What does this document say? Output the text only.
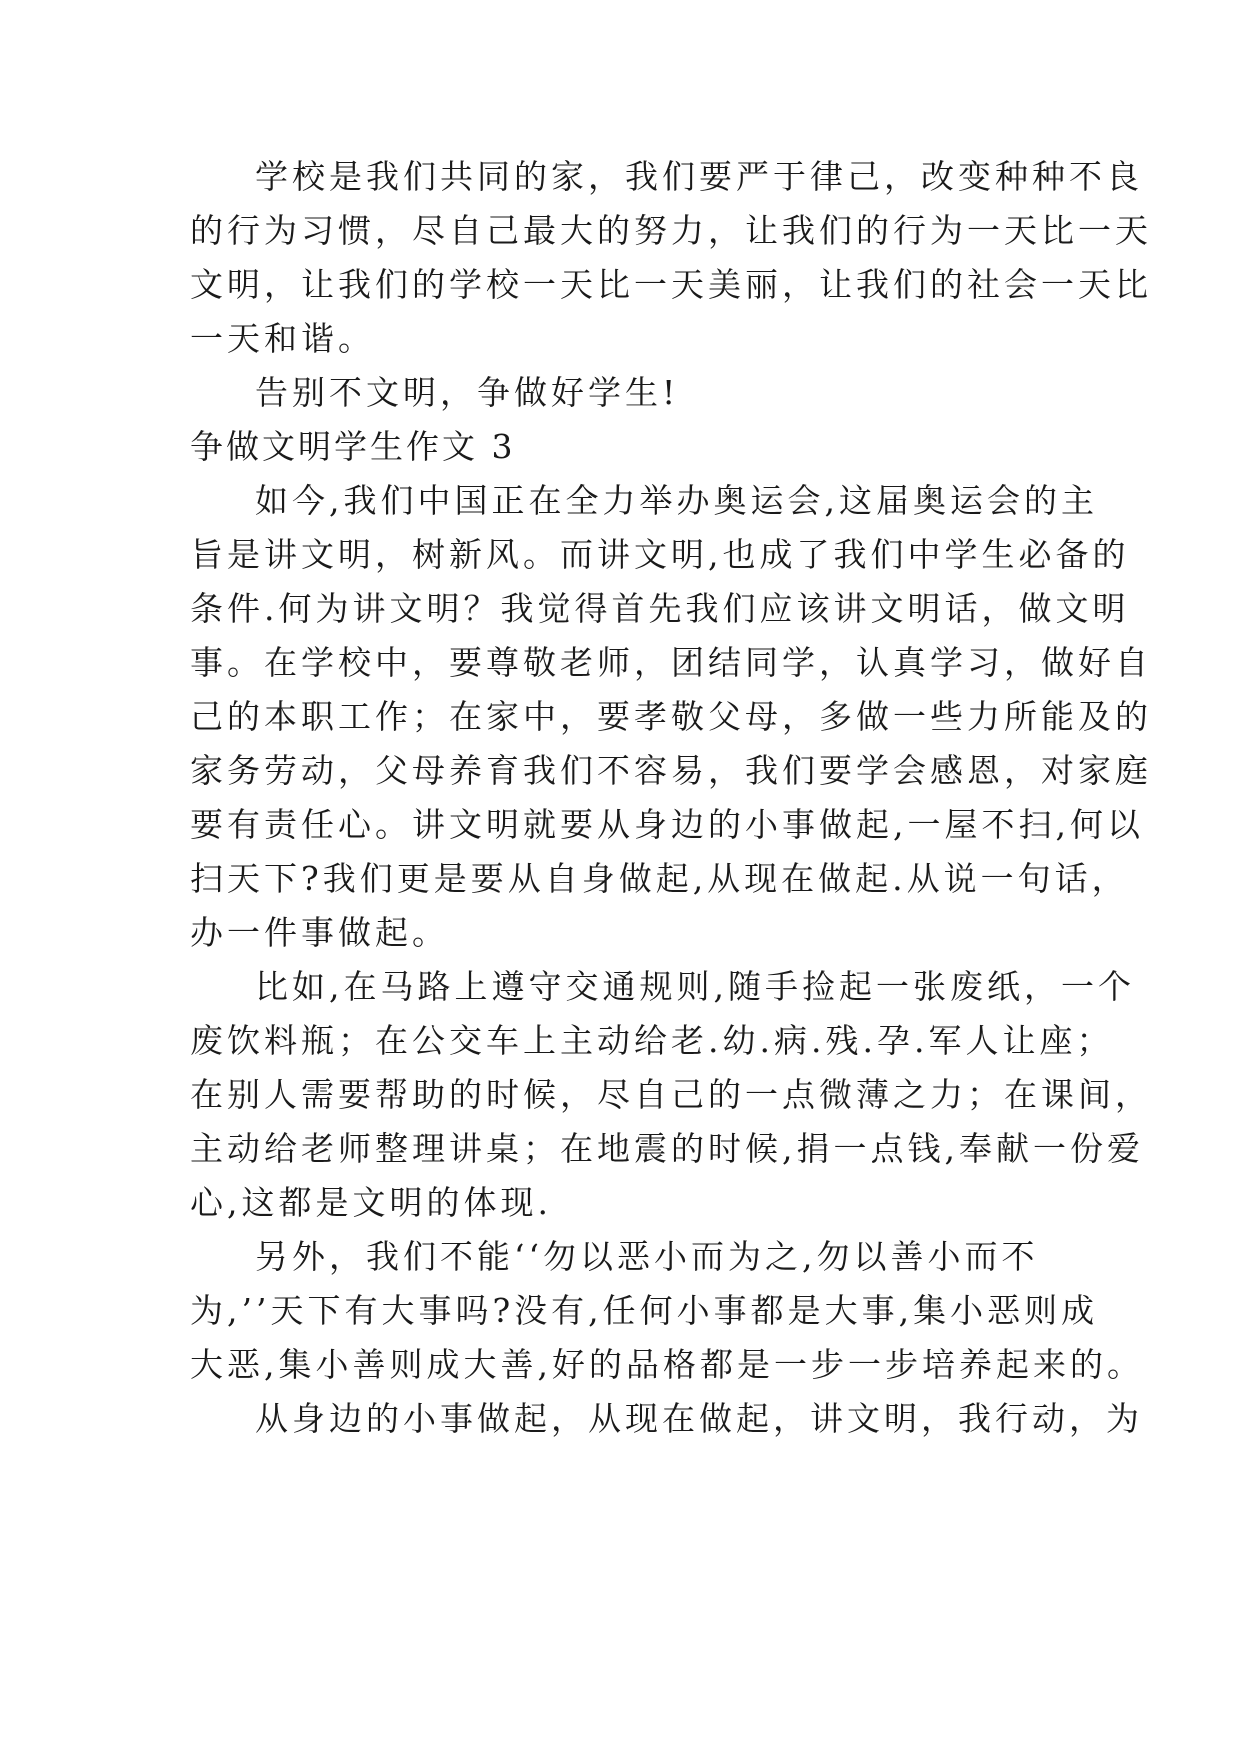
学校是我们共同的家，我们要严于律己，改变种种不良
的行为习惯，尽自己最大的努力，让我们的行为一天比一天
文明，让我们的学校一天比一天美丽，让我们的社会一天比
一天和谐。
告别不文明，争做好学生!
争做文明学生作文 3
如今,我们中国正在全力举办奥运会,这届奥运会的主
旨是讲文明，树新风。而讲文明,也成了我们中学生必备的
条件.何为讲文明？我觉得首先我们应该讲文明话，做文明
事。在学校中，要尊敬老师，团结同学，认真学习，做好自
己的本职工作；在家中，要孝敬父母，多做一些力所能及的
家务劳动，父母养育我们不容易，我们要学会感恩，对家庭
要有责任心。讲文明就要从身边的小事做起,一屋不扫,何以
扫天下?我们更是要从自身做起,从现在做起.从说一句话，
办一件事做起。
比如,在马路上遵守交通规则,随手捡起一张废纸，一个
废饮料瓶；在公交车上主动给老.幼.病.残.孕.军人让座；
在别人需要帮助的时候，尽自己的一点微薄之力；在课间，
主动给老师整理讲桌；在地震的时候,捐一点钱,奉献一份爱
心,这都是文明的体现.
另外，我们不能‘‘勿以恶小而为之,勿以善小而不
为,’’天下有大事吗?没有,任何小事都是大事,集小恶则成
大恶,集小善则成大善,好的品格都是一步一步培养起来的。
从身边的小事做起，从现在做起，讲文明，我行动，为
